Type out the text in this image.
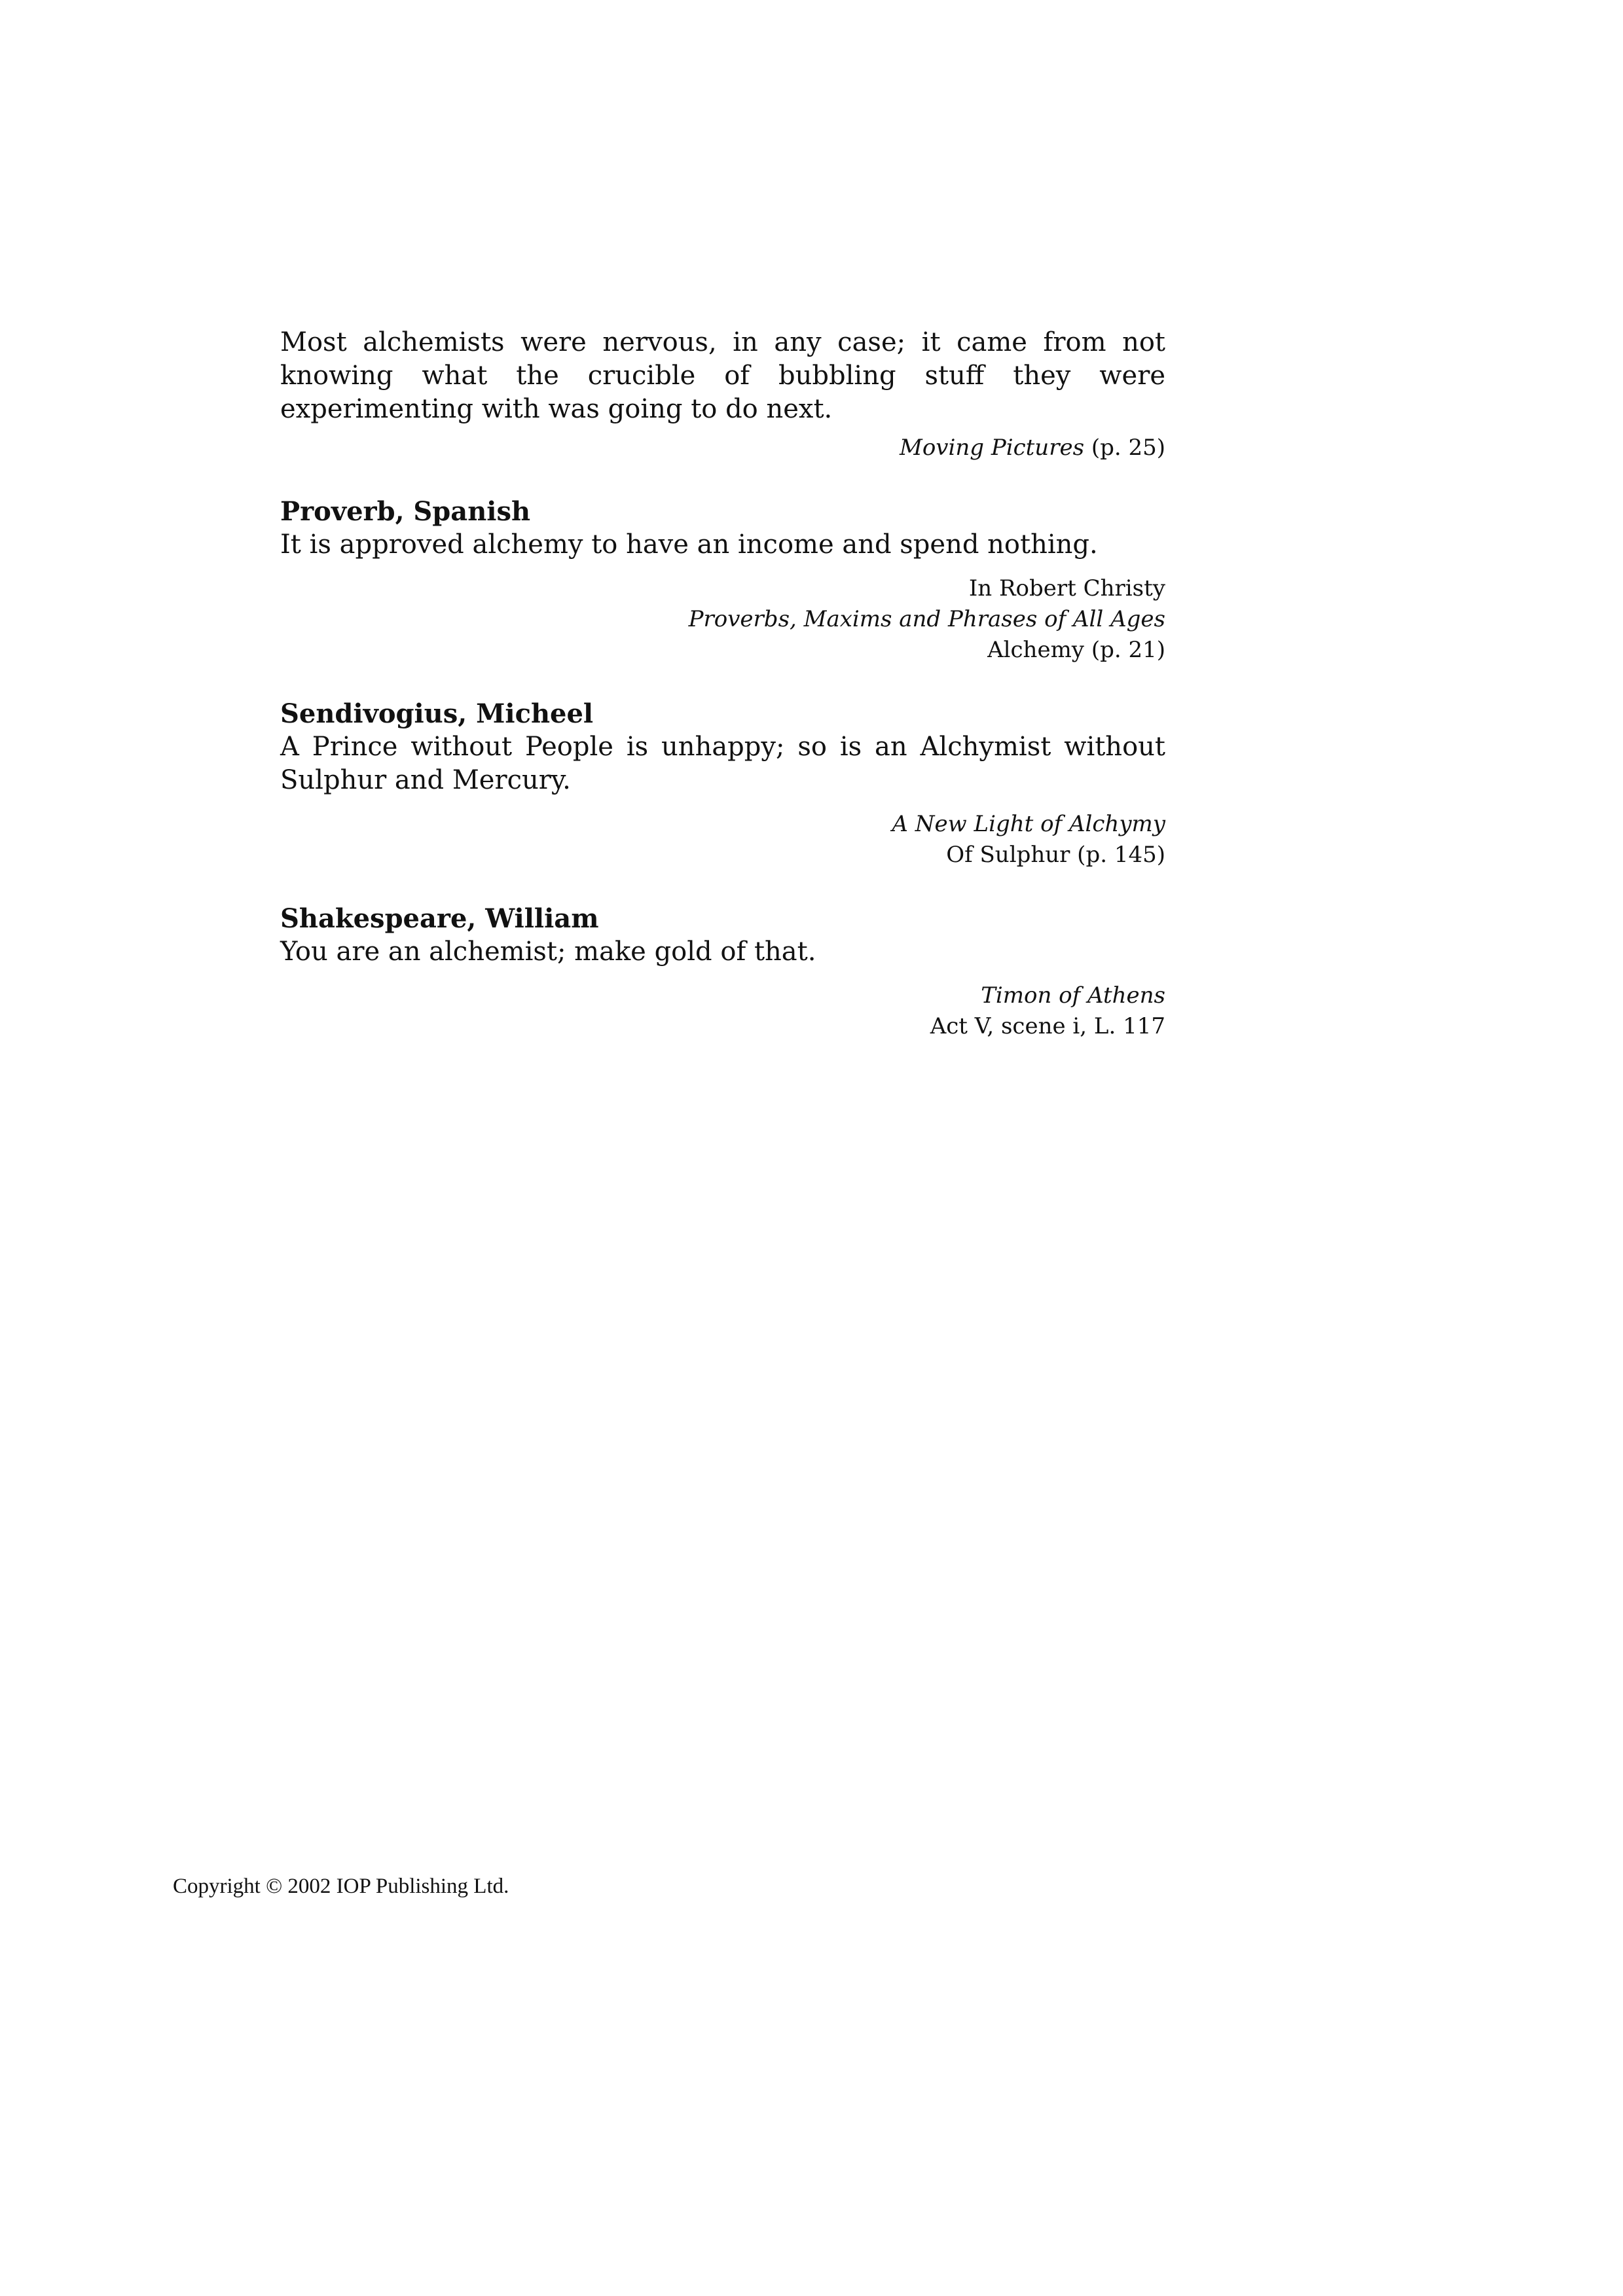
Most alchemists were nervous, in any case; it came from not knowing what the crucible of bubbling stuff they were experimenting with was going to do next.

Moving Pictures (p. 25)

Proverb, Spanish

It is approved alchemy to have an income and spend nothing.

In Robert Christy
Proverbs, Maxims and Phrases of All Ages
Alchemy (p. 21)

Sendivogius, Micheel

A Prince without People is unhappy; so is an Alchymist without Sulphur and Mercury.

A New Light of Alchymy
Of Sulphur (p. 145)

Shakespeare, William

You are an alchemist; make gold of that.

Timon of Athens
Act V, scene i, L. 117

Copyright © 2002 IOP Publishing Ltd.
